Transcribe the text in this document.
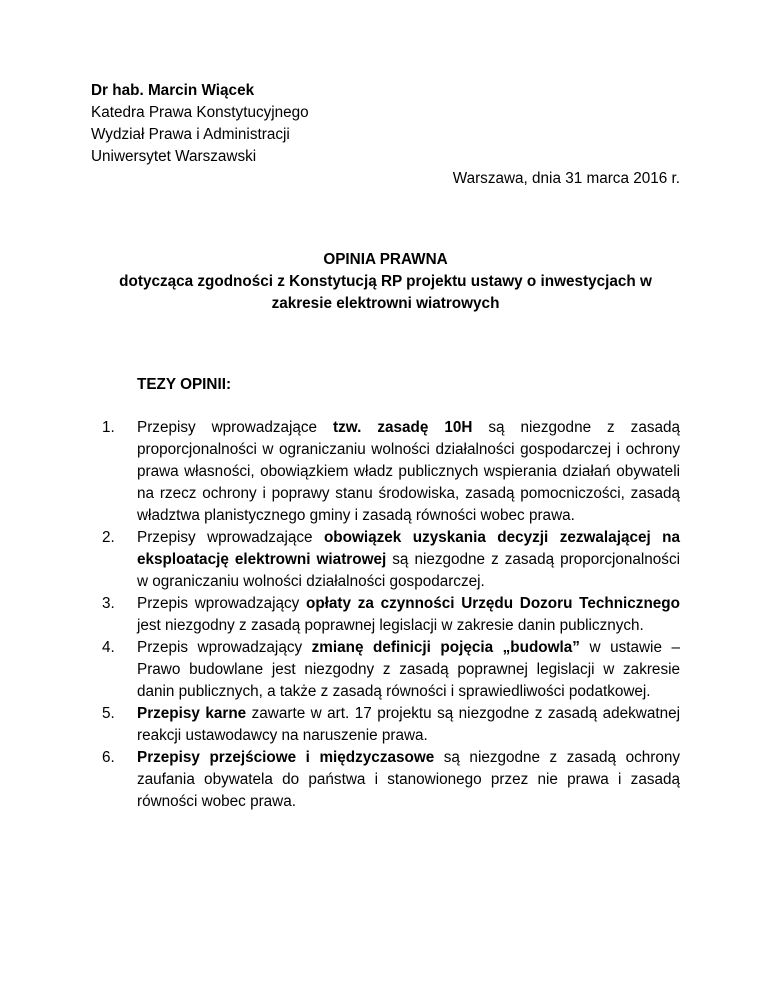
Dr hab. Marcin Wiącek
Katedra Prawa Konstytucyjnego
Wydział Prawa i Administracji
Uniwersytet Warszawski
Warszawa, dnia 31 marca 2016 r.
OPINIA PRAWNA
dotycząca zgodności z Konstytucją RP projektu ustawy o inwestycjach w
zakresie elektrowni wiatrowych
TEZY OPINII:
1. Przepisy wprowadzające tzw. zasadę 10H są niezgodne z zasadą proporcjonalności w ograniczaniu wolności działalności gospodarczej i ochrony prawa własności, obowiązkiem władz publicznych wspierania działań obywateli na rzecz ochrony i poprawy stanu środowiska, zasadą pomocniczości, zasadą władztwa planistycznego gminy i zasadą równości wobec prawa.
2. Przepisy wprowadzające obowiązek uzyskania decyzji zezwalającej na eksploatację elektrowni wiatrowej są niezgodne z zasadą proporcjonalności w ograniczaniu wolności działalności gospodarczej.
3. Przepis wprowadzający opłaty za czynności Urzędu Dozoru Technicznego jest niezgodny z zasadą poprawnej legislacji w zakresie danin publicznych.
4. Przepis wprowadzający zmianę definicji pojęcia „budowla” w ustawie – Prawo budowlane jest niezgodny z zasadą poprawnej legislacji w zakresie danin publicznych, a także z zasadą równości i sprawiedliwości podatkowej.
5. Przepisy karne zawarte w art. 17 projektu są niezgodne z zasadą adekwatnej reakcji ustawodawcy na naruszenie prawa.
6. Przepisy przejściowe i międzyczasowe są niezgodne z zasadą ochrony zaufania obywatela do państwa i stanowionego przez nie prawa i zasadą równości wobec prawa.
